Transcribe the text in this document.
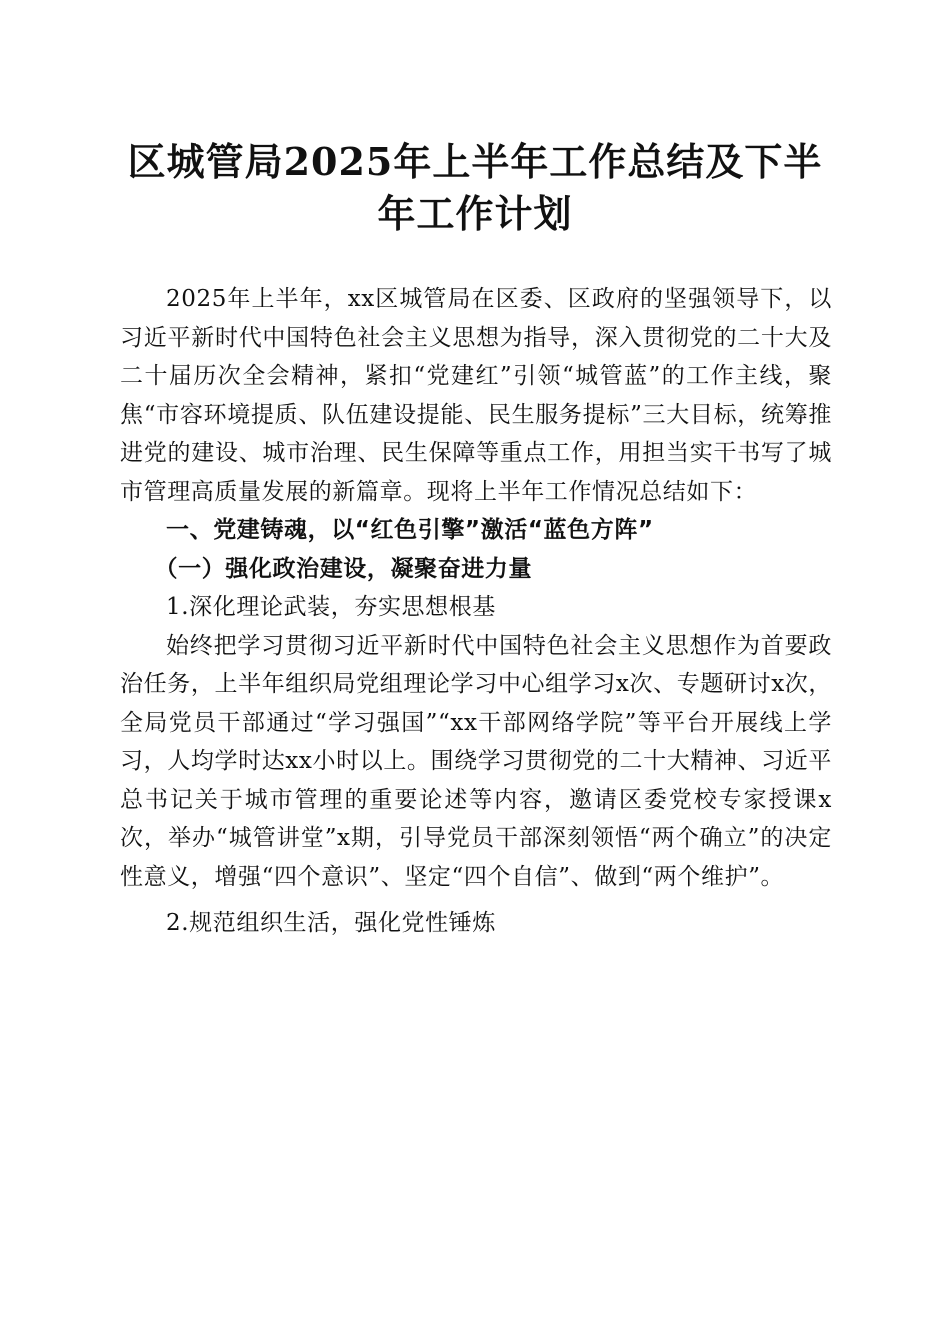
区城管局2025年上半年工作总结及下半年工作计划

2025年上半年，xx区城管局在区委、区政府的坚强领导下，以习近平新时代中国特色社会主义思想为指导，深入贯彻党的二十大及二十届历次全会精神，紧扣“党建红”引领“城管蓝”的工作主线，聚焦“市容环境提质、队伍建设提能、民生服务提标”三大目标，统筹推进党的建设、城市治理、民生保障等重点工作，用担当实干书写了城市管理高质量发展的新篇章。现将上半年工作情况总结如下：

一、党建铸魂，以“红色引擎”激活“蓝色方阵”

（一）强化政治建设，凝聚奋进力量

1.深化理论武装，夯实思想根基

始终把学习贯彻习近平新时代中国特色社会主义思想作为首要政治任务，上半年组织局党组理论学习中心组学习x次、专题研讨x次，全局党员干部通过“学习强国”“xx干部网络学院”等平台开展线上学习，人均学时达xx小时以上。围绕学习贯彻党的二十大精神、习近平总书记关于城市管理的重要论述等内容，邀请区委党校专家授课x次，举办“城管讲堂”x期，引导党员干部深刻领悟“两个确立”的决定性意义，增强“四个意识”、坚定“四个自信”、做到“两个维护”。

2.规范组织生活，强化党性锤炼
